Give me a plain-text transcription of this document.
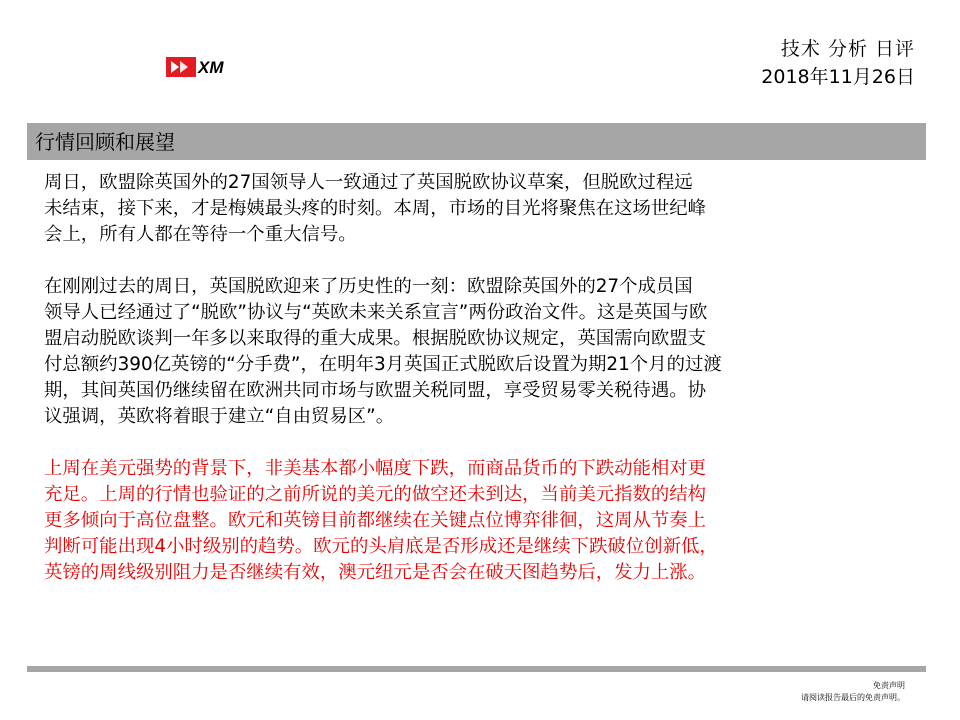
XM
技术 分析 日评
2018年11月26日
行情回顾和展望

周日，欧盟除英国外的27国领导人一致通过了英国脱欧协议草案，但脱欧过程远

未结束，接下来，才是梅姨最头疼的时刻。本周，市场的目光将聚焦在这场世纪峰

会上，所有人都在等待一个重大信号。

在刚刚过去的周日，英国脱欧迎来了历史性的一刻：欧盟除英国外的27个成员国

领导人已经通过了“脱欧”协议与“英欧未来关系宣言”两份政治文件。这是英国与欧

盟启动脱欧谈判一年多以来取得的重大成果。根据脱欧协议规定，英国需向欧盟支

付总额约390亿英镑的“分手费”，在明年3月英国正式脱欧后设置为期21个月的过渡

期，其间英国仍继续留在欧洲共同市场与欧盟关税同盟，享受贸易零关税待遇。协

议强调，英欧将着眼于建立“自由贸易区”。

上周在美元强势的背景下，非美基本都小幅度下跌，而商品货币的下跌动能相对更

充足。上周的行情也验证的之前所说的美元的做空还未到达，当前美元指数的结构

更多倾向于高位盘整。欧元和英镑目前都继续在关键点位博弈徘徊，这周从节奏上

判断可能出现4小时级别的趋势。欧元的头肩底是否形成还是继续下跌破位创新低，

英镑的周线级别阻力是否继续有效，澳元纽元是否会在破天图趋势后，发力上涨。

免责声明
请阅读报告最后的免责声明。
